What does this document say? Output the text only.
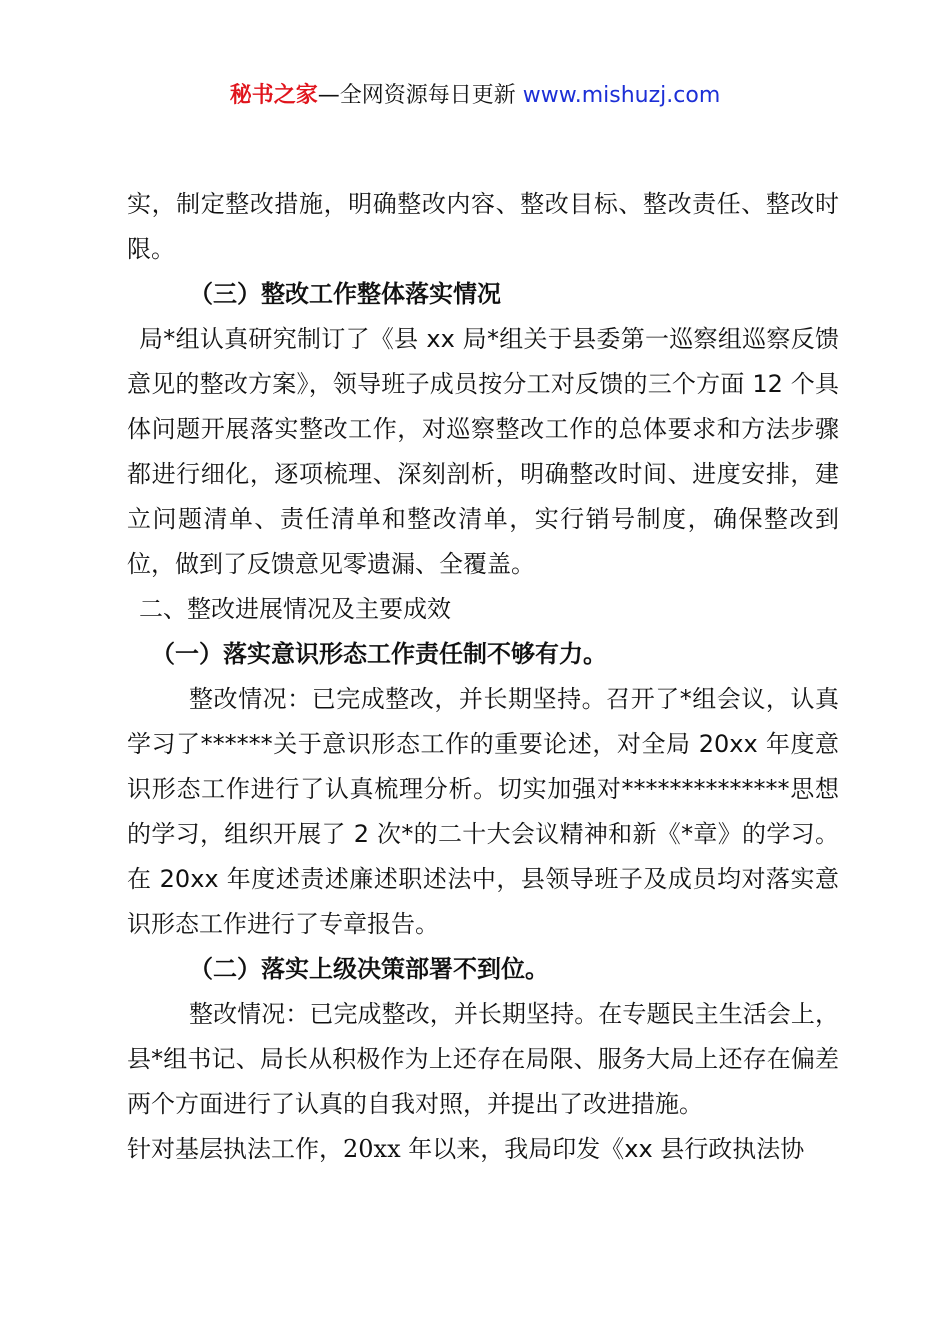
秘书之家—全网资源每日更新 www.mishuzj.com

实，制定整改措施，明确整改内容、整改目标、整改责任、整改时限。

（三）整改工作整体落实情况

局*组认真研究制订了《县 xx 局*组关于县委第一巡察组巡察反馈意见的整改方案》，领导班子成员按分工对反馈的三个方面 12 个具体问题开展落实整改工作，对巡察整改工作的总体要求和方法步骤都进行细化，逐项梳理、深刻剖析，明确整改时间、进度安排，建立问题清单、责任清单和整改清单，实行销号制度，确保整改到位，做到了反馈意见零遗漏、全覆盖。

二、整改进展情况及主要成效

（一）落实意识形态工作责任制不够有力。

整改情况：已完成整改，并长期坚持。召开了*组会议，认真学习了******关于意识形态工作的重要论述，对全局 20xx 年度意识形态工作进行了认真梳理分析。切实加强对**************思想的学习，组织开展了 2 次*的二十大会议精神和新《*章》的学习。在 20xx 年度述责述廉述职述法中，县领导班子及成员均对落实意识形态工作进行了专章报告。

（二）落实上级决策部署不到位。

整改情况：已完成整改，并长期坚持。在专题民主生活会上，县*组书记、局长从积极作为上还存在局限、服务大局上还存在偏差两个方面进行了认真的自我对照，并提出了改进措施。

针对基层执法工作，20xx 年以来，我局印发《xx 县行政执法协
